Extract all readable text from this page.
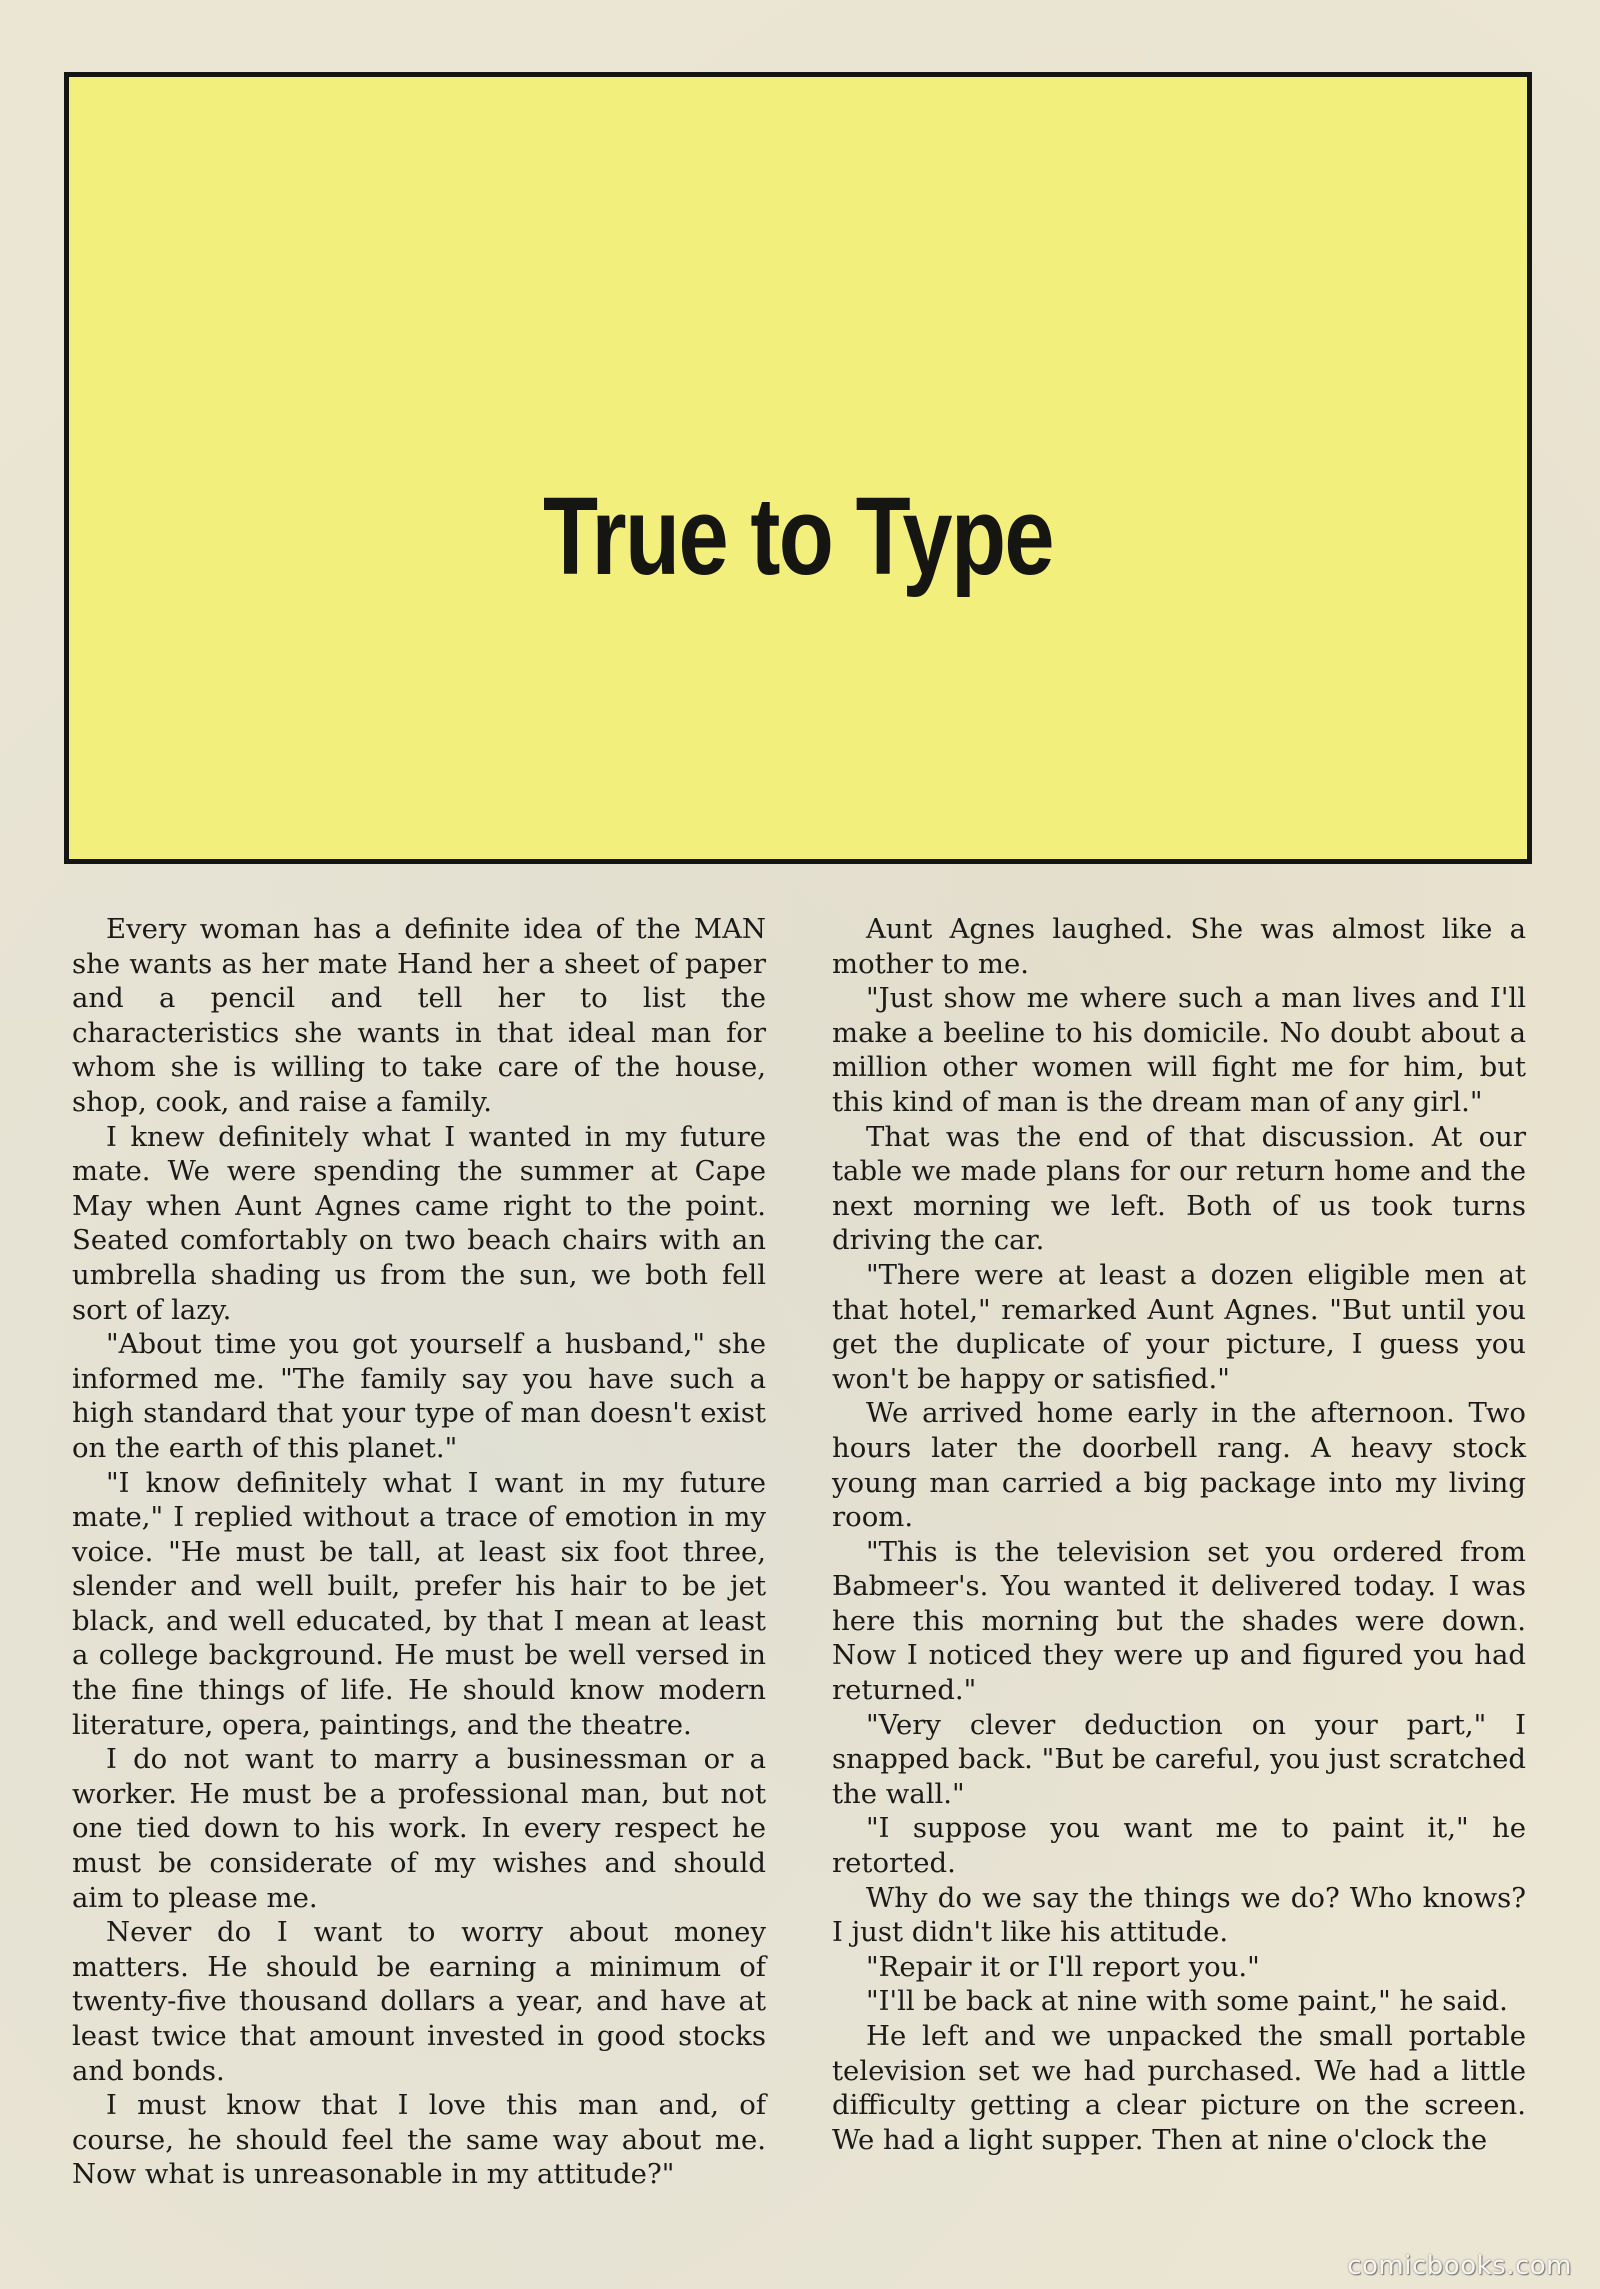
True to Type

Every woman has a definite idea of the MAN she wants as her mate Hand her a sheet of paper and a pencil and tell her to list the characteristics she wants in that ideal man for whom she is willing to take care of the house, shop, cook, and raise a family.

I knew definitely what I wanted in my future mate. We were spending the summer at Cape May when Aunt Agnes came right to the point. Seated comfortably on two beach chairs with an umbrella shading us from the sun, we both fell sort of lazy.

"About time you got yourself a husband," she informed me. "The family say you have such a high standard that your type of man doesn't exist on the earth of this planet."

"I know definitely what I want in my future mate," I replied without a trace of emotion in my voice. "He must be tall, at least six foot three, slender and well built, prefer his hair to be jet black, and well educated, by that I mean at least a college background. He must be well versed in the fine things of life. He should know modern literature, opera, paintings, and the theatre.

I do not want to marry a businessman or a worker. He must be a professional man, but not one tied down to his work. In every respect he must be considerate of my wishes and should aim to please me.

Never do I want to worry about money matters. He should be earning a minimum of twenty-five thousand dollars a year, and have at least twice that amount invested in good stocks and bonds.

I must know that I love this man and, of course, he should feel the same way about me. Now what is unreasonable in my attitude?"

Aunt Agnes laughed. She was almost like a mother to me.

"Just show me where such a man lives and I'll make a beeline to his domicile. No doubt about a million other women will fight me for him, but this kind of man is the dream man of any girl."

That was the end of that discussion. At our table we made plans for our return home and the next morning we left. Both of us took turns driving the car.

"There were at least a dozen eligible men at that hotel," remarked Aunt Agnes. "But until you get the duplicate of your picture, I guess you won't be happy or satisfied."

We arrived home early in the afternoon. Two hours later the doorbell rang. A heavy stock young man carried a big package into my living room.

"This is the television set you ordered from Babmeer's. You wanted it delivered today. I was here this morning but the shades were down. Now I noticed they were up and figured you had returned."

"Very clever deduction on your part," I snapped back. "But be careful, you just scratched the wall."

"I suppose you want me to paint it," he retorted.

Why do we say the things we do? Who knows? I just didn't like his attitude.

"Repair it or I'll report you."

"I'll be back at nine with some paint," he said.

He left and we unpacked the small portable television set we had purchased. We had a little difficulty getting a clear picture on the screen. We had a light supper. Then at nine o'clock the

comicbooks.com
